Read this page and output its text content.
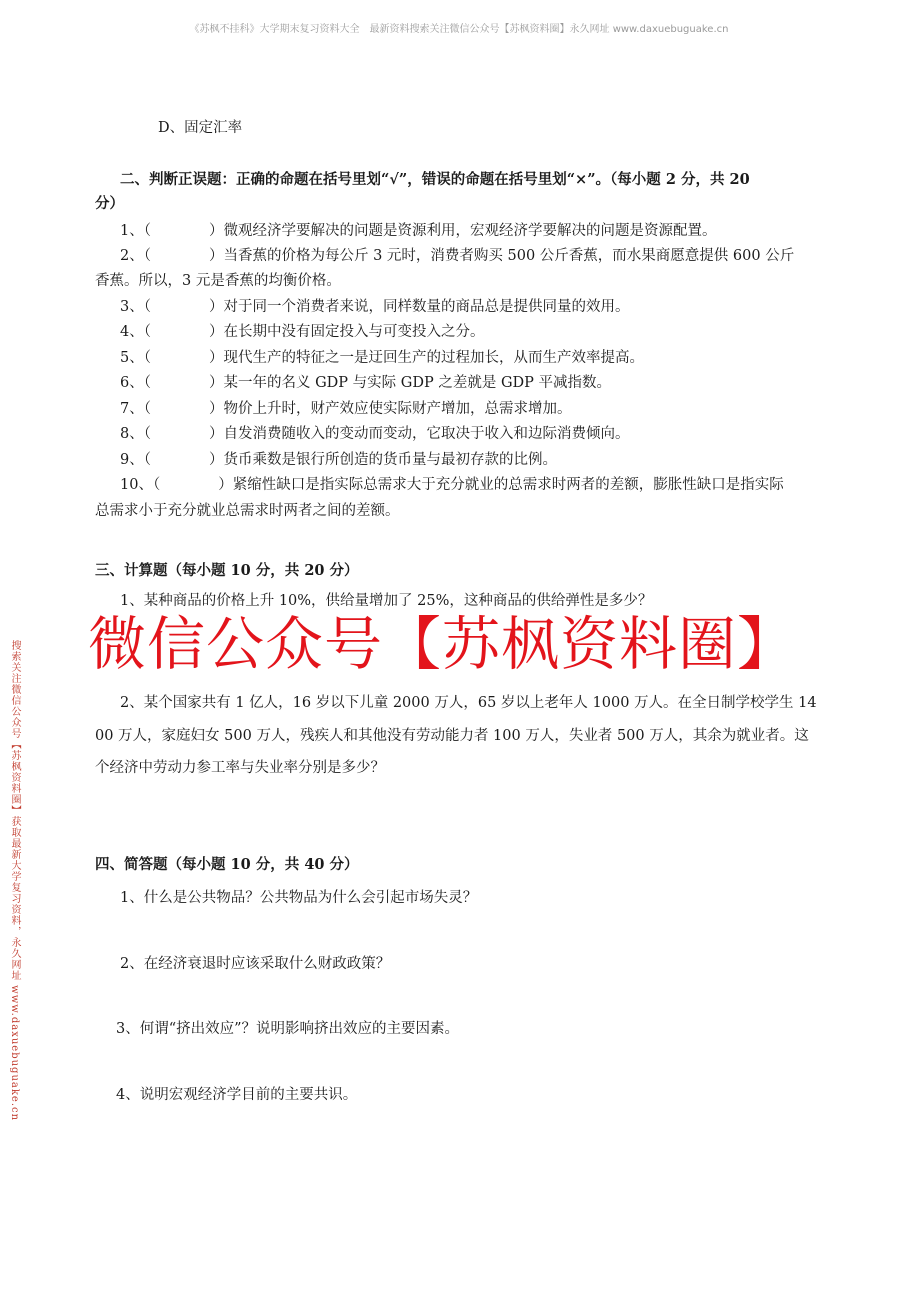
《苏枫不挂科》大学期末复习资料大全　最新资料搜索关注微信公众号【苏枫资料圈】永久网址 www.daxuebuguake.cn
搜索关注微信公众号【苏枫资料圈】获取最新大学复习资料，永久网址 www.daxuebuguake.cn
D、固定汇率
二、判断正误题：正确的命题在括号里划“√”，错误的命题在括号里划“×”。（每小题 2 分，共 20
分）
1、（　　　　）微观经济学要解决的问题是资源利用，宏观经济学要解决的问题是资源配置。
2、（　　　　）当香蕉的价格为每公斤 3 元时，消费者购买 500 公斤香蕉，而水果商愿意提供 600 公斤
香蕉。所以，3 元是香蕉的均衡价格。
3、（　　　　）对于同一个消费者来说，同样数量的商品总是提供同量的效用。
4、（　　　　）在长期中没有固定投入与可变投入之分。
5、（　　　　）现代生产的特征之一是迂回生产的过程加长，从而生产效率提高。
6、（　　　　）某一年的名义 GDP 与实际 GDP 之差就是 GDP 平减指数。
7、（　　　　）物价上升时，财产效应使实际财产增加，总需求增加。
8、（　　　　）自发消费随收入的变动而变动，它取决于收入和边际消费倾向。
9、（　　　　）货币乘数是银行所创造的货币量与最初存款的比例。
10、（　　　　）紧缩性缺口是指实际总需求大于充分就业的总需求时两者的差额，膨胀性缺口是指实际
总需求小于充分就业总需求时两者之间的差额。
三、计算题（每小题 10 分，共 20 分）
1、某种商品的价格上升 10%，供给量增加了 25%，这种商品的供给弹性是多少？
微信公众号【苏枫资料圈】
2、某个国家共有 1 亿人，16 岁以下儿童 2000 万人，65 岁以上老年人 1000 万人。在全日制学校学生 14
00 万人，家庭妇女 500 万人，残疾人和其他没有劳动能力者 100 万人，失业者 500 万人，其余为就业者。这
个经济中劳动力参工率与失业率分别是多少？
四、简答题（每小题 10 分，共 40 分）
1、什么是公共物品？公共物品为什么会引起市场失灵？
2、在经济衰退时应该采取什么财政政策？
3、何谓“挤出效应”？说明影响挤出效应的主要因素。
4、说明宏观经济学目前的主要共识。
